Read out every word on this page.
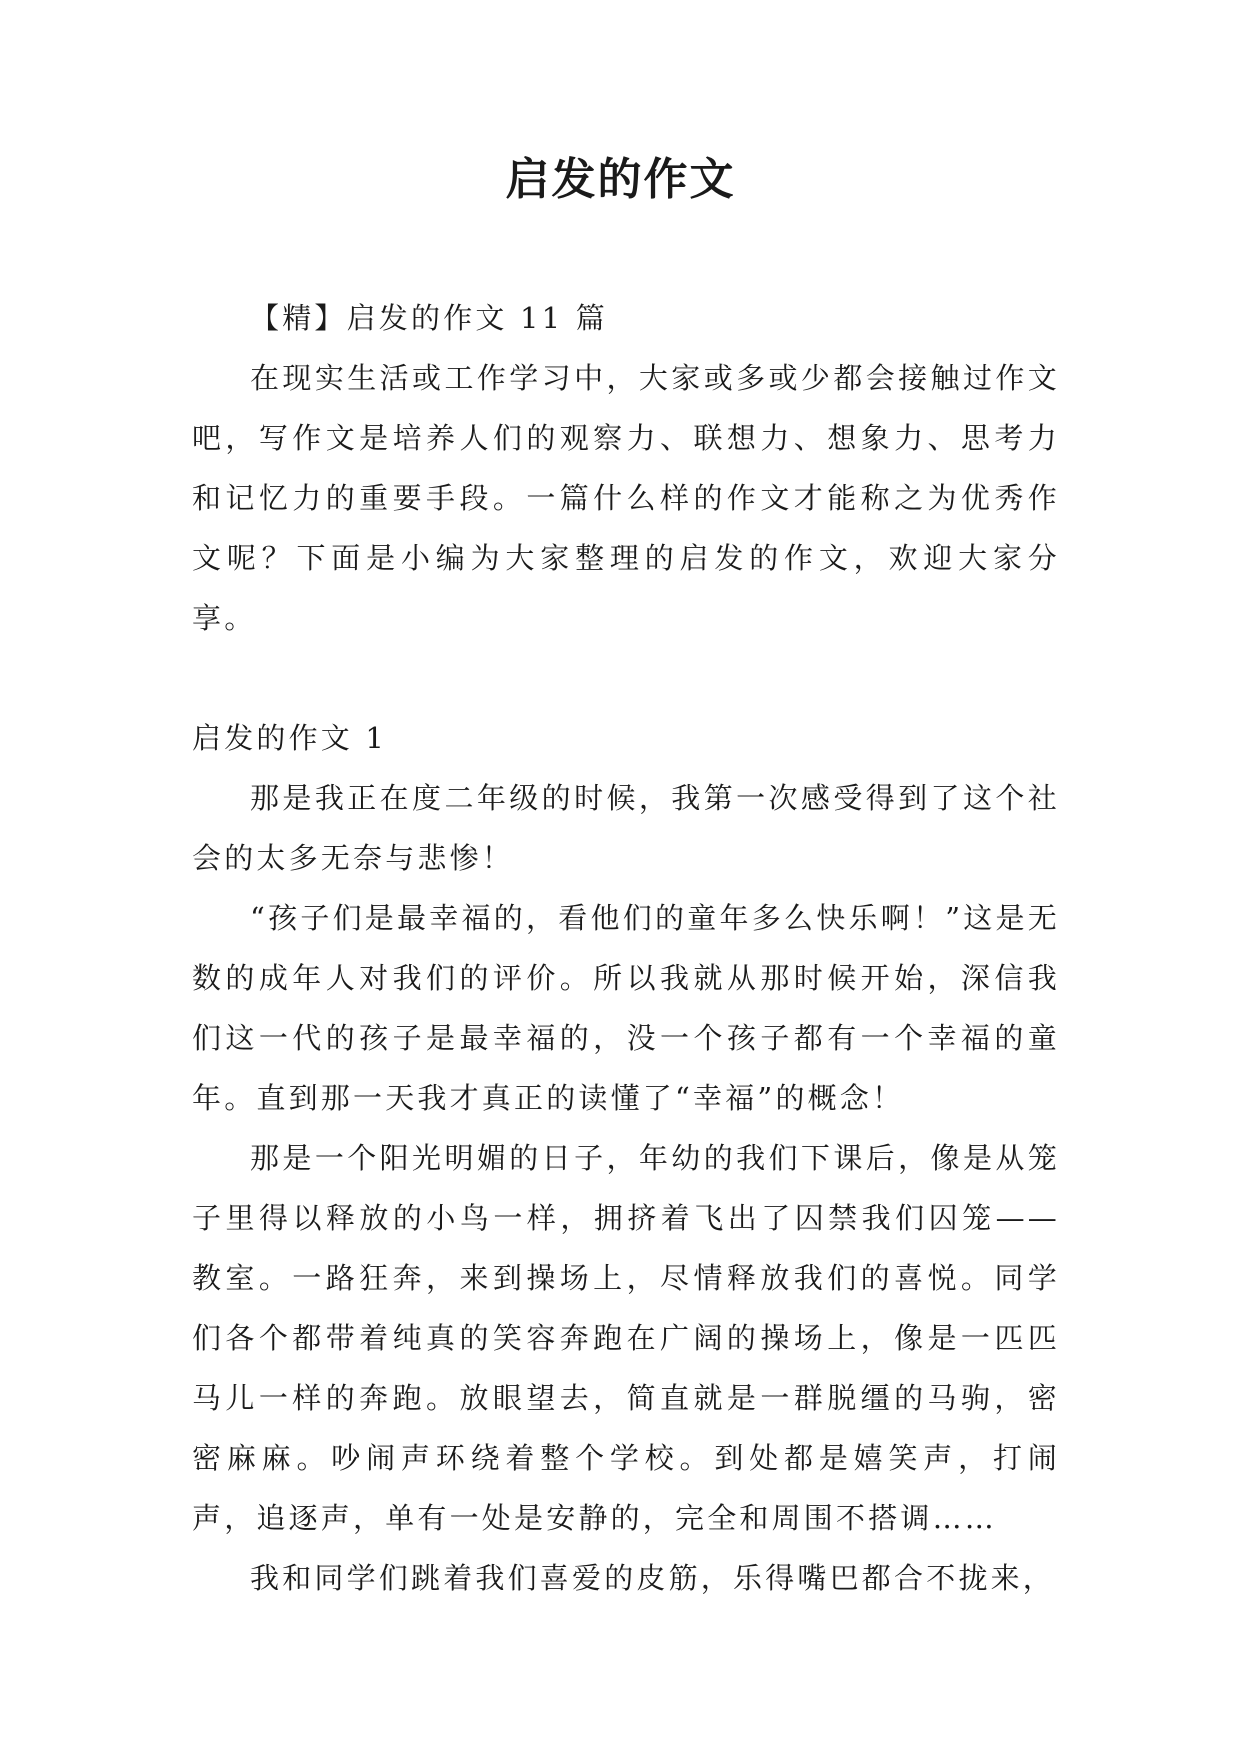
启发的作文

【精】启发的作文 11 篇

在现实生活或工作学习中，大家或多或少都会接触过作文吧，写作文是培养人们的观察力、联想力、想象力、思考力和记忆力的重要手段。一篇什么样的作文才能称之为优秀作文呢？下面是小编为大家整理的启发的作文，欢迎大家分享。

启发的作文 1

那是我正在度二年级的时候，我第一次感受得到了这个社会的太多无奈与悲惨！

“孩子们是最幸福的，看他们的童年多么快乐啊！”这是无数的成年人对我们的评价。所以我就从那时候开始，深信我们这一代的孩子是最幸福的，没一个孩子都有一个幸福的童年。直到那一天我才真正的读懂了“幸福”的概念！

那是一个阳光明媚的日子，年幼的我们下课后，像是从笼子里得以释放的小鸟一样，拥挤着飞出了囚禁我们囚笼——教室。一路狂奔，来到操场上，尽情释放我们的喜悦。同学们各个都带着纯真的笑容奔跑在广阔的操场上，像是一匹匹马儿一样的奔跑。放眼望去，简直就是一群脱缰的马驹，密密麻麻。吵闹声环绕着整个学校。到处都是嬉笑声，打闹声，追逐声，单有一处是安静的，完全和周围不搭调……

我和同学们跳着我们喜爱的皮筋，乐得嘴巴都合不拢来，
